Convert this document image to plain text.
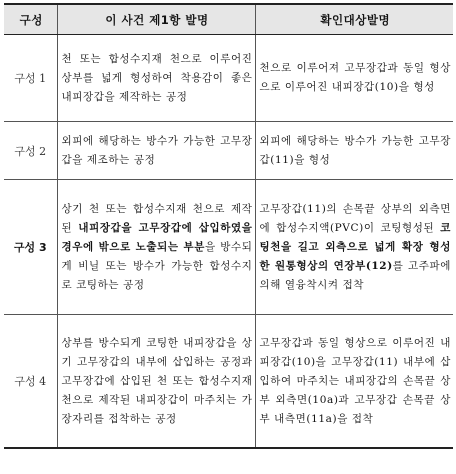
구성	이 사건 제1항 발명	확인대상발명
구성 1	천 또는 합성수지재 천으로 이루어진 상부를 넓게 형성하여 착용감이 좋은 내피장갑을 제작하는 공정	천으로 이루어져 고무장갑과 동일 형상으로 이루어진 내피장갑(10)을 형성
구성 2	외피에 해당하는 방수가 가능한 고무장갑을 제조하는 공정	외피에 해당하는 방수가 가능한 고무장갑(11)을 형성
구성 3	상기 천 또는 합성수지재 천으로 제작된 내피장갑을 고무장갑에 삽입하였을 경우에 밖으로 노출되는 부분을 방수되게 비닐 또는 방수가 가능한 합성수지로 코팅하는 공정	고무장갑(11)의 손목끝 상부의 외측면에 합성수지액(PVC)이 코팅형성된 코팅천을 길고 외측으로 넓게 확장 형성한 원통형상의 연장부(12)를 고주파에 의해 열융착시켜 접착
구성 4	상부를 방수되게 코팅한 내피장갑을 상기 고무장갑의 내부에 삽입하는 공정과 고무장갑에 삽입된 천 또는 합성수지재 천으로 제작된 내피장갑이 마주치는 가장자리를 접착하는 공정	고무장갑과 동일 형상으로 이루어진 내피장갑(10)을 고무장갑(11) 내부에 삽입하여 마주치는 내피장갑의 손목끝 상부 외측면(10a)과 고무장갑 손목끝 상부 내측면(11a)을 접착
